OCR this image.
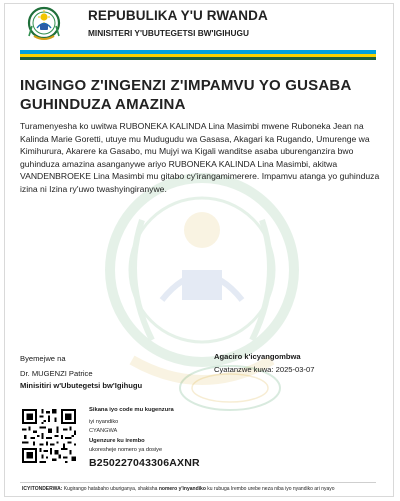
REPUBULIKA Y'U RWANDA
MINISITERI Y'UBUTEGETSI BW'IGIHUGU
INGINGO Z'INGENZI Z'IMPAMVU YO GUSABA GUHINDUZA AMAZINA
Turamenyesha ko uwitwa RUBONEKA KALINDA Lina Masimbi mwene Ruboneka Jean na Kalinda Marie Goretti, utuye mu Mudugudu wa Gasasa, Akagari ka Rugando, Umurenge wa Kimihurura, Akarere ka Gasabo, mu Mujyi wa Kigali wanditse asaba uburenganzira bwo guhinduza amazina asanganywe ariyo RUBONEKA KALINDA Lina Masimbi, akitwa VANDENBROEKE Lina Masimbi mu gitabo cy'irangamimerere. Impamvu atanga yo guhinduza izina ni Izina ry'uwo twashyingiranywe.
Byemejwe na
Dr. MUGENZI Patrice
Minisitiri w'Ubutegetsi bw'Igihugu
Agaciro k'icyangombwa
Cyatanzwe kuwa: 2025-03-07
Sikana iyo code mu kugenzura
iyi nyandiko
CYANGWA
Ugenzure ku irembo
ukoresheje nomero ya dosiye
B250227043306AXNR
ICYITONDERWA: Kugirango hatabaho uburiganya, shakisha nomero y'inyandiko ku rubuga Irembo urebe neza niba iyo nyandiko ari nyayo
